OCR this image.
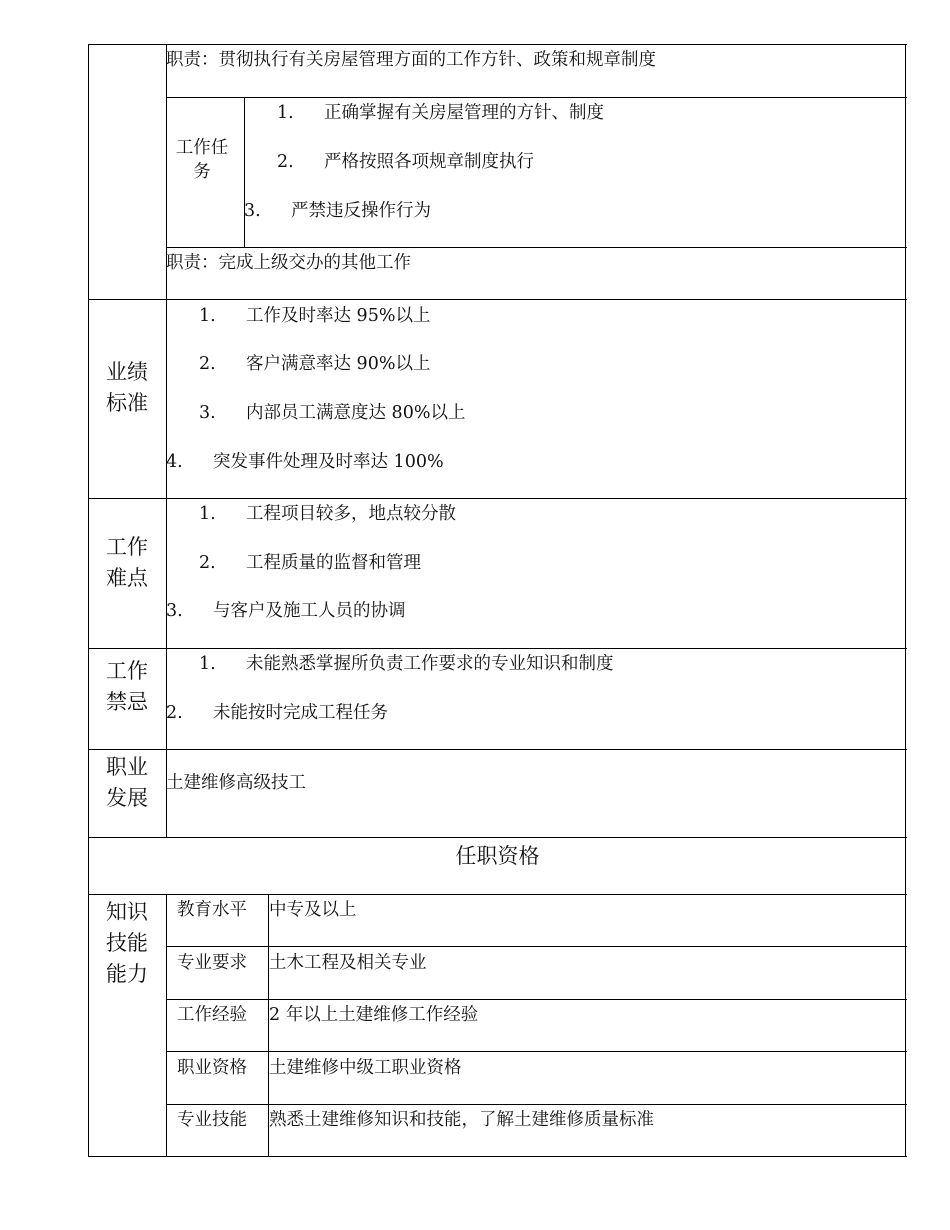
职责：贯彻执行有关房屋管理方面的工作方针、政策和规章制度
工作任务
1. 正确掌握有关房屋管理的方针、制度
2. 严格按照各项规章制度执行
3. 严禁违反操作行为
职责：完成上级交办的其他工作
业绩标准
1. 工作及时率达 95%以上
2. 客户满意率达 90%以上
3. 内部员工满意度达 80%以上
4. 突发事件处理及时率达 100%
工作难点
1. 工程项目较多，地点较分散
2. 工程质量的监督和管理
3. 与客户及施工人员的协调
工作禁忌
1. 未能熟悉掌握所负责工作要求的专业知识和制度
2. 未能按时完成工程任务
职业发展
土建维修高级技工
任职资格
知识技能能力
教育水平 中专及以上
专业要求 土木工程及相关专业
工作经验 2 年以上土建维修工作经验
职业资格 土建维修中级工职业资格
专业技能 熟悉土建维修知识和技能，了解土建维修质量标准
